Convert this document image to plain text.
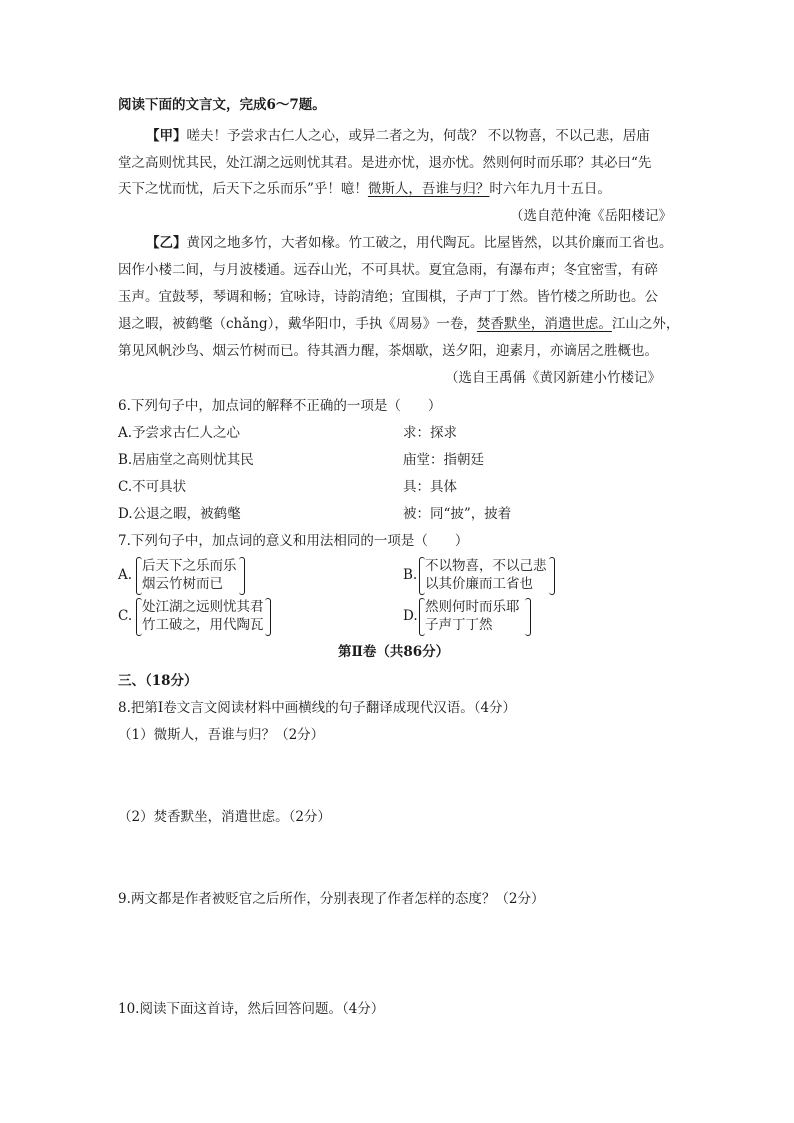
阅读下面的文言文，完成6～7题。
【甲】嗟夫！予尝求古仁人之心，或异二者之为，何哉？ 不以物喜，不以己悲，居庙
堂之高则忧其民，处江湖之远则忧其君。是进亦忧，退亦忧。然则何时而乐耶？其必曰“先
天下之忧而忧，后天下之乐而乐”乎！噫！微斯人，吾谁与归？时六年九月十五日。
（选自范仲淹《岳阳楼记》
【乙】黄冈之地多竹，大者如椽。竹工破之，用代陶瓦。比屋皆然，以其价廉而工省也。
因作小楼二间，与月波楼通。远吞山光，不可具状。夏宜急雨，有瀑布声；冬宜密雪，有碎
玉声。宜鼓琴，琴调和畅；宜咏诗，诗韵清绝；宜围棋，子声丁丁然。皆竹楼之所助也。公
退之暇，被鹤氅（chǎng），戴华阳巾，手执《周易》一卷，焚香默坐，消遣世虑。江山之外，
第见风帆沙鸟、烟云竹树而已。待其酒力醒，茶烟歇，送夕阳，迎素月，亦谪居之胜概也。
（选自王禹偁《黄冈新建小竹楼记》
6.下列句子中，加点词的解释不正确的一项是（　　）
A.予尝求古仁人之心	求：探求
B.居庙堂之高则忧其民	庙堂：指朝廷
C.不可具状	具：具体
D.公退之暇，被鹤氅	被：同“披”，披着
7.下列句子中，加点词的意义和用法相同的一项是（　　）
A.
后天下之乐而乐
烟云竹树而已
B.
不以物喜，不以己悲
以其价廉而工省也
C.
处江湖之远则忧其君
竹工破之，用代陶瓦
D.
然则何时而乐耶
子声丁丁然
第Ⅱ卷（共86分）
三、（18分）
8.把第Ⅰ卷文言文阅读材料中画横线的句子翻译成现代汉语。（4分）
（1）微斯人，吾谁与归？（2分）
（2）焚香默坐，消遣世虑。（2分）
9.两文都是作者被贬官之后所作，分别表现了作者怎样的态度？（2分）
10.阅读下面这首诗，然后回答问题。（4分）
